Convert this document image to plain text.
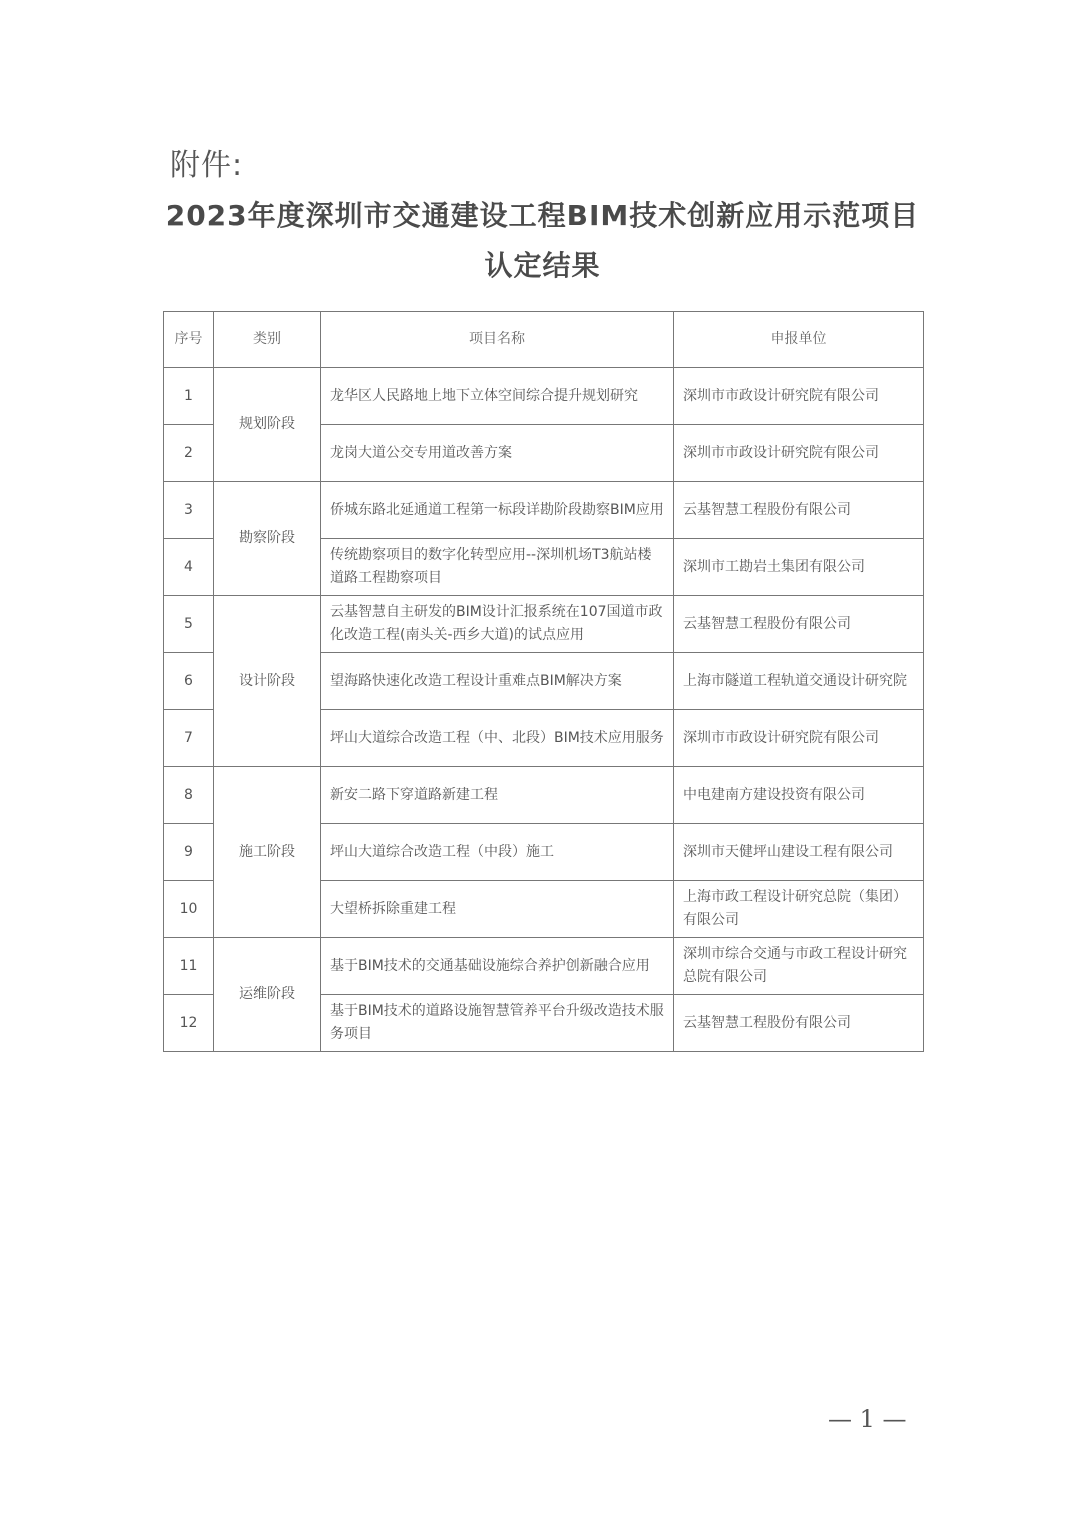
附件:
2023年度深圳市交通建设工程BIM技术创新应用示范项目
认定结果
序号	类别	项目名称	申报单位
1	规划阶段	龙华区人民路地上地下立体空间综合提升规划研究	深圳市市政设计研究院有限公司
2		龙岗大道公交专用道改善方案	深圳市市政设计研究院有限公司
3	勘察阶段	侨城东路北延通道工程第一标段详勘阶段勘察BIM应用	云基智慧工程股份有限公司
4		传统勘察项目的数字化转型应用--深圳机场T3航站楼道路工程勘察项目	深圳市工勘岩土集团有限公司
5	设计阶段	云基智慧自主研发的BIM设计汇报系统在107国道市政化改造工程(南头关-西乡大道)的试点应用	云基智慧工程股份有限公司
6		望海路快速化改造工程设计重难点BIM解决方案	上海市隧道工程轨道交通设计研究院
7		坪山大道综合改造工程（中、北段）BIM技术应用服务	深圳市市政设计研究院有限公司
8	施工阶段	新安二路下穿道路新建工程	中电建南方建设投资有限公司
9		坪山大道综合改造工程（中段）施工	深圳市天健坪山建设工程有限公司
10		大望桥拆除重建工程	上海市政工程设计研究总院（集团）有限公司
11	运维阶段	基于BIM技术的交通基础设施综合养护创新融合应用	深圳市综合交通与市政工程设计研究总院有限公司
12		基于BIM技术的道路设施智慧管养平台升级改造技术服务项目	云基智慧工程股份有限公司
— 1 —
